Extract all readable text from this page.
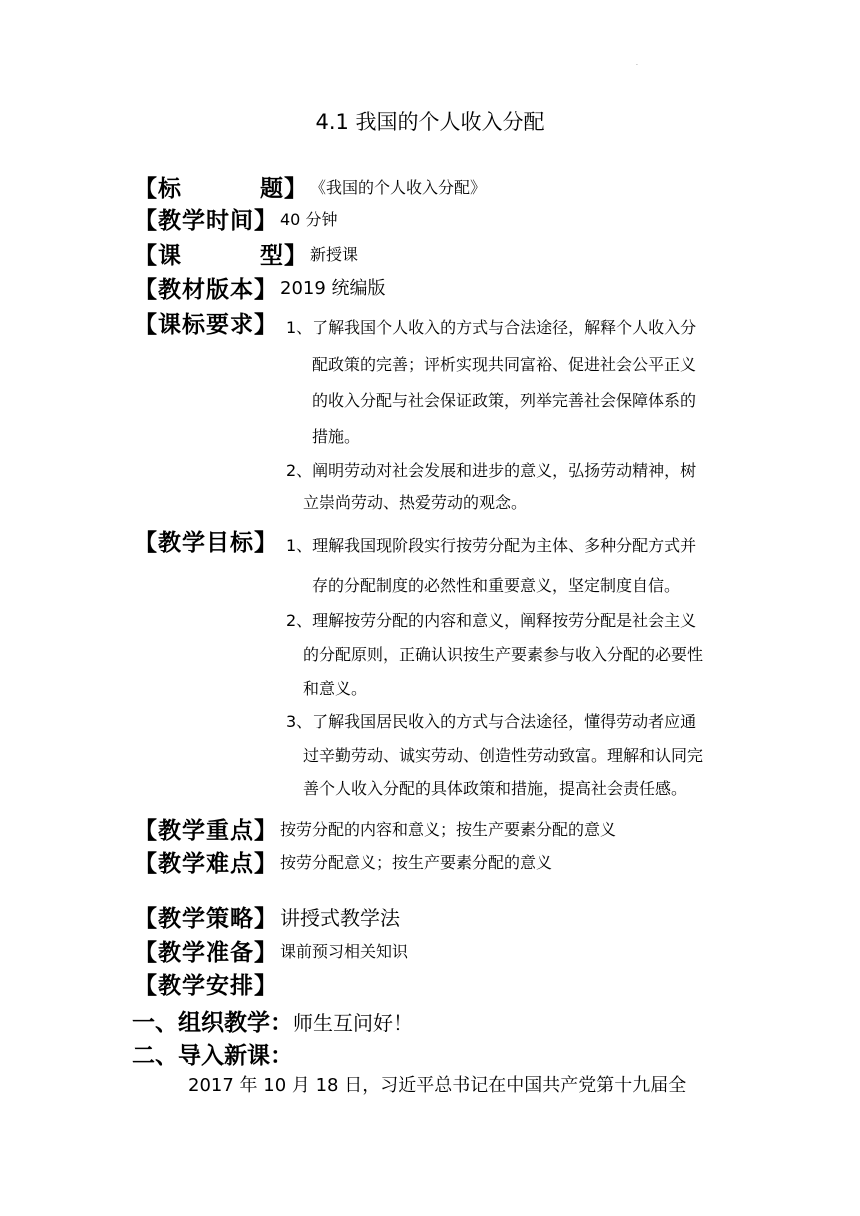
.
4.1 我国的个人收入分配
【标  题】 《我国的个人收入分配》
【教学时间】 40 分钟
【课  型】 新授课
【教材版本】 2019 统编版
【课标要求】 1、了解我国个人收入的方式与合法途径，解释个人收入分
配政策的完善；评析实现共同富裕、促进社会公平正义
的收入分配与社会保证政策，列举完善社会保障体系的
措施。
2、阐明劳动对社会发展和进步的意义，弘扬劳动精神，树
立崇尚劳动、热爱劳动的观念。
【教学目标】 1、理解我国现阶段实行按劳分配为主体、多种分配方式并
存的分配制度的必然性和重要意义，坚定制度自信。
2、理解按劳分配的内容和意义，阐释按劳分配是社会主义
的分配原则，正确认识按生产要素参与收入分配的必要性
和意义。
3、了解我国居民收入的方式与合法途径，懂得劳动者应通
过辛勤劳动、诚实劳动、创造性劳动致富。理解和认同完
善个人收入分配的具体政策和措施，提高社会责任感。
【教学重点】 按劳分配的内容和意义；按生产要素分配的意义
【教学难点】 按劳分配意义；按生产要素分配的意义
【教学策略】 讲授式教学法
【教学准备】 课前预习相关知识
【教学安排】
一、组织教学：师生互问好！
二、导入新课：
2017 年 10 月 18 日，习近平总书记在中国共产党第十九届全
